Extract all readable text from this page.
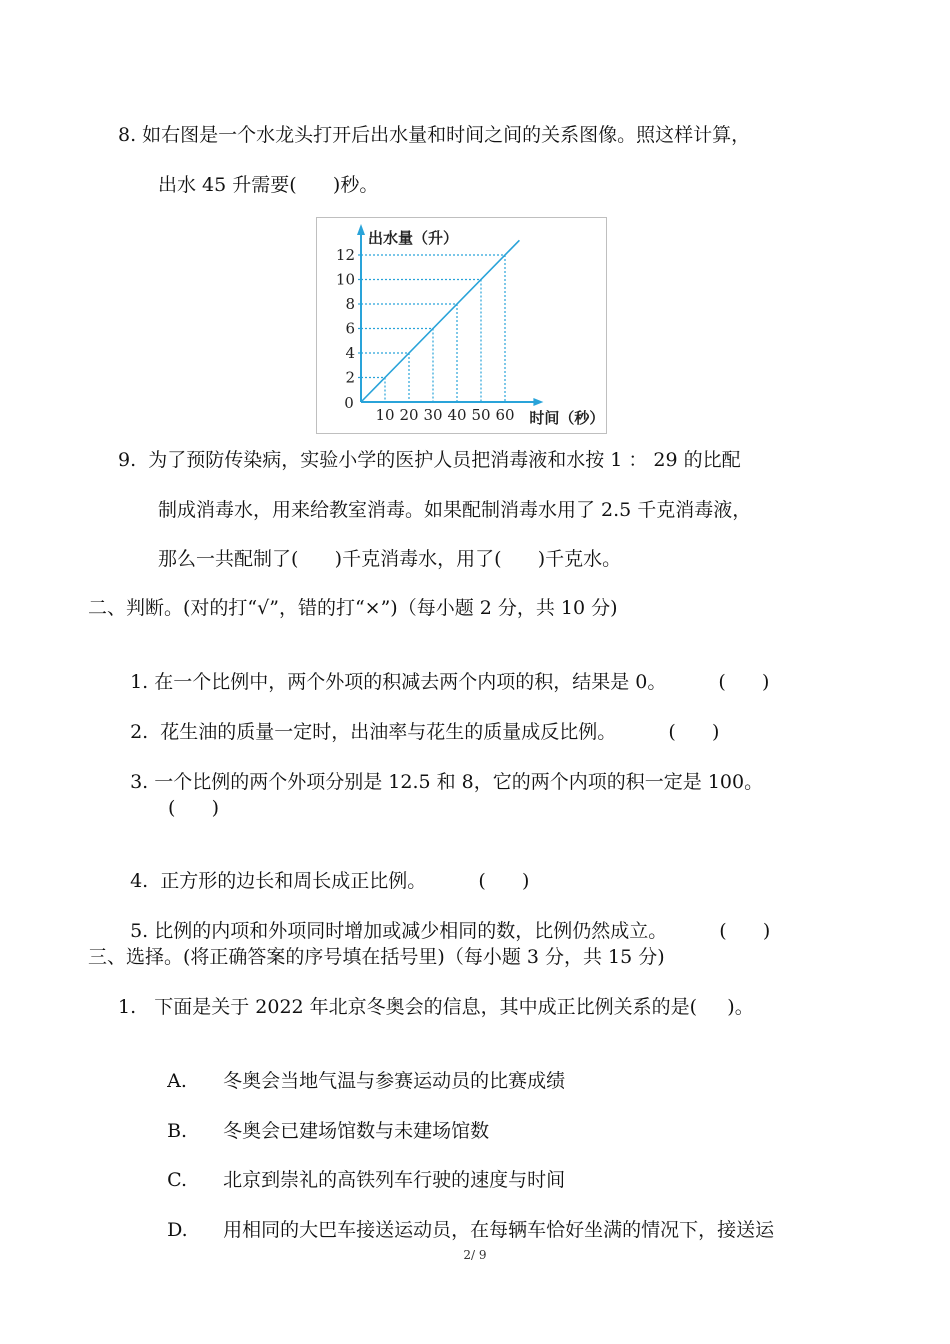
8. 如右图是一个水龙头打开后出水量和时间之间的关系图像。照这样计算，
出水 45 升需要(      )秒。
2
4
6
8
10
12
10 20 30 40 50 60
0
出水量（升）
时间（秒）
9.  为了预防传染病，实验小学的医护人员把消毒液和水按 1 ： 29 的比配
制成消毒水，用来给教室消毒。如果配制消毒水用了 2.5 千克消毒液，
那么一共配制了(      )千克消毒水，用了(      )千克水。
二、判断。(对的打“√”，错的打“×”)（每小题 2 分，共 10 分)

1. 在一个比例中，两个外项的积减去两个内项的积，结果是 0。	(      )

2.  花生油的质量一定时，出油率与花生的质量成反比例。	(      )

3. 一个比例的两个外项分别是 12.5 和 8，它的两个内项的积一定是 100。

(      )

4.  正方形的边长和周长成正比例。	(      )

5. 比例的内项和外项同时增加或减少相同的数，比例仍然成立。	(      )

三、选择。(将正确答案的序号填在括号里)（每小题 3 分，共 15 分)
1.   下面是关于 2022 年北京冬奥会的信息，其中成正比例关系的是(     )。

A. 冬奥会当地气温与参赛运动员的比赛成绩

B. 冬奥会已建场馆数与未建场馆数

C. 北京到崇礼的高铁列车行驶的速度与时间

D. 用相同的大巴车接送运动员，在每辆车恰好坐满的情况下，接送运

2/ 9
